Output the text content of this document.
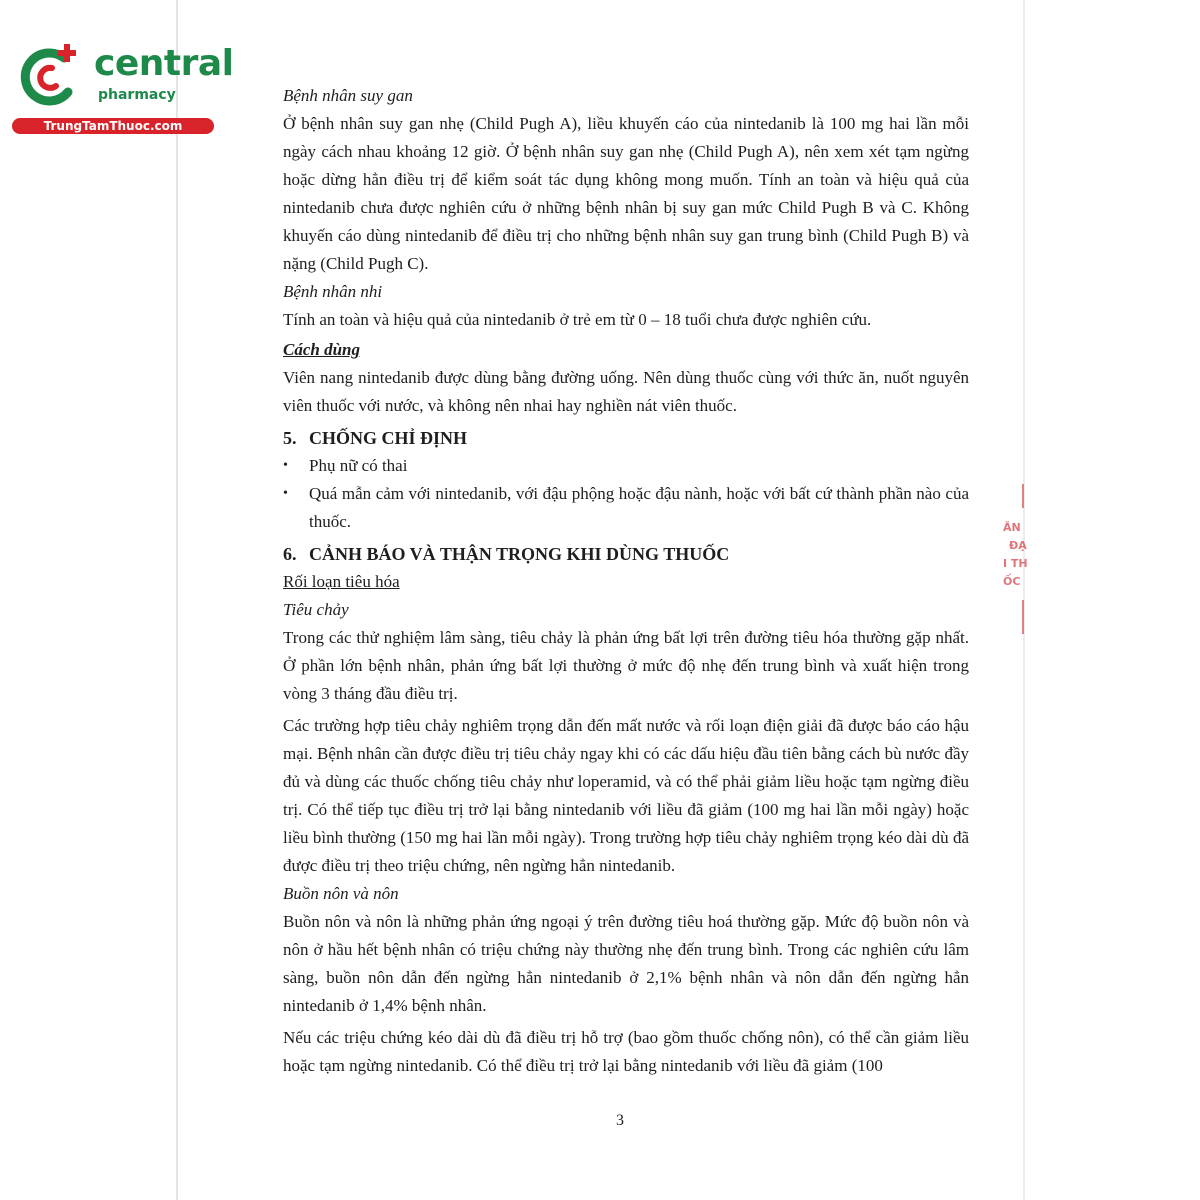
central
pharmacy
TrungTamThuoc.com

Bệnh nhân suy gan

Ở bệnh nhân suy gan nhẹ (Child Pugh A), liều khuyến cáo của nintedanib là 100 mg hai lần mỗi ngày cách nhau khoảng 12 giờ. Ở bệnh nhân suy gan nhẹ (Child Pugh A), nên xem xét tạm ngừng hoặc dừng hẳn điều trị để kiểm soát tác dụng không mong muốn. Tính an toàn và hiệu quả của nintedanib chưa được nghiên cứu ở những bệnh nhân bị suy gan mức Child Pugh B và C. Không khuyến cáo dùng nintedanib để điều trị cho những bệnh nhân suy gan trung bình (Child Pugh B) và nặng (Child Pugh C).

Bệnh nhân nhi

Tính an toàn và hiệu quả của nintedanib ở trẻ em từ 0 – 18 tuổi chưa được nghiên cứu.

Cách dùng

Viên nang nintedanib được dùng bằng đường uống. Nên dùng thuốc cùng với thức ăn, nuốt nguyên viên thuốc với nước, và không nên nhai hay nghiền nát viên thuốc.

5. CHỐNG CHỈ ĐỊNH
• Phụ nữ có thai
• Quá mẫn cảm với nintedanib, với đậu phộng hoặc đậu nành, hoặc với bất cứ thành phần nào của thuốc.
6. CẢNH BÁO VÀ THẬN TRỌNG KHI DÙNG THUỐC

Rối loạn tiêu hóa

Tiêu chảy

Trong các thử nghiệm lâm sàng, tiêu chảy là phản ứng bất lợi trên đường tiêu hóa thường gặp nhất. Ở phần lớn bệnh nhân, phản ứng bất lợi thường ở mức độ nhẹ đến trung bình và xuất hiện trong vòng 3 tháng đầu điều trị.

Các trường hợp tiêu chảy nghiêm trọng dẫn đến mất nước và rối loạn điện giải đã được báo cáo hậu mại. Bệnh nhân cần được điều trị tiêu chảy ngay khi có các dấu hiệu đầu tiên bằng cách bù nước đầy đủ và dùng các thuốc chống tiêu chảy như loperamid, và có thể phải giảm liều hoặc tạm ngừng điều trị. Có thể tiếp tục điều trị trở lại bằng nintedanib với liều đã giảm (100 mg hai lần mỗi ngày) hoặc liều bình thường (150 mg hai lần mỗi ngày). Trong trường hợp tiêu chảy nghiêm trọng kéo dài dù đã được điều trị theo triệu chứng, nên ngừng hẳn nintedanib.

Buồn nôn và nôn

Buồn nôn và nôn là những phản ứng ngoại ý trên đường tiêu hoá thường gặp. Mức độ buồn nôn và nôn ở hầu hết bệnh nhân có triệu chứng này thường nhẹ đến trung bình. Trong các nghiên cứu lâm sàng, buồn nôn dẫn đến ngừng hẳn nintedanib ở 2,1% bệnh nhân và nôn dẫn đến ngừng hẳn nintedanib ở 1,4% bệnh nhân.

Nếu các triệu chứng kéo dài dù đã điều trị hỗ trợ (bao gồm thuốc chống nôn), có thể cần giảm liều hoặc tạm ngừng nintedanib. Có thể điều trị trở lại bằng nintedanib với liều đã giảm (100

3
ĂN
ĐẠ
I TH
ỐC
